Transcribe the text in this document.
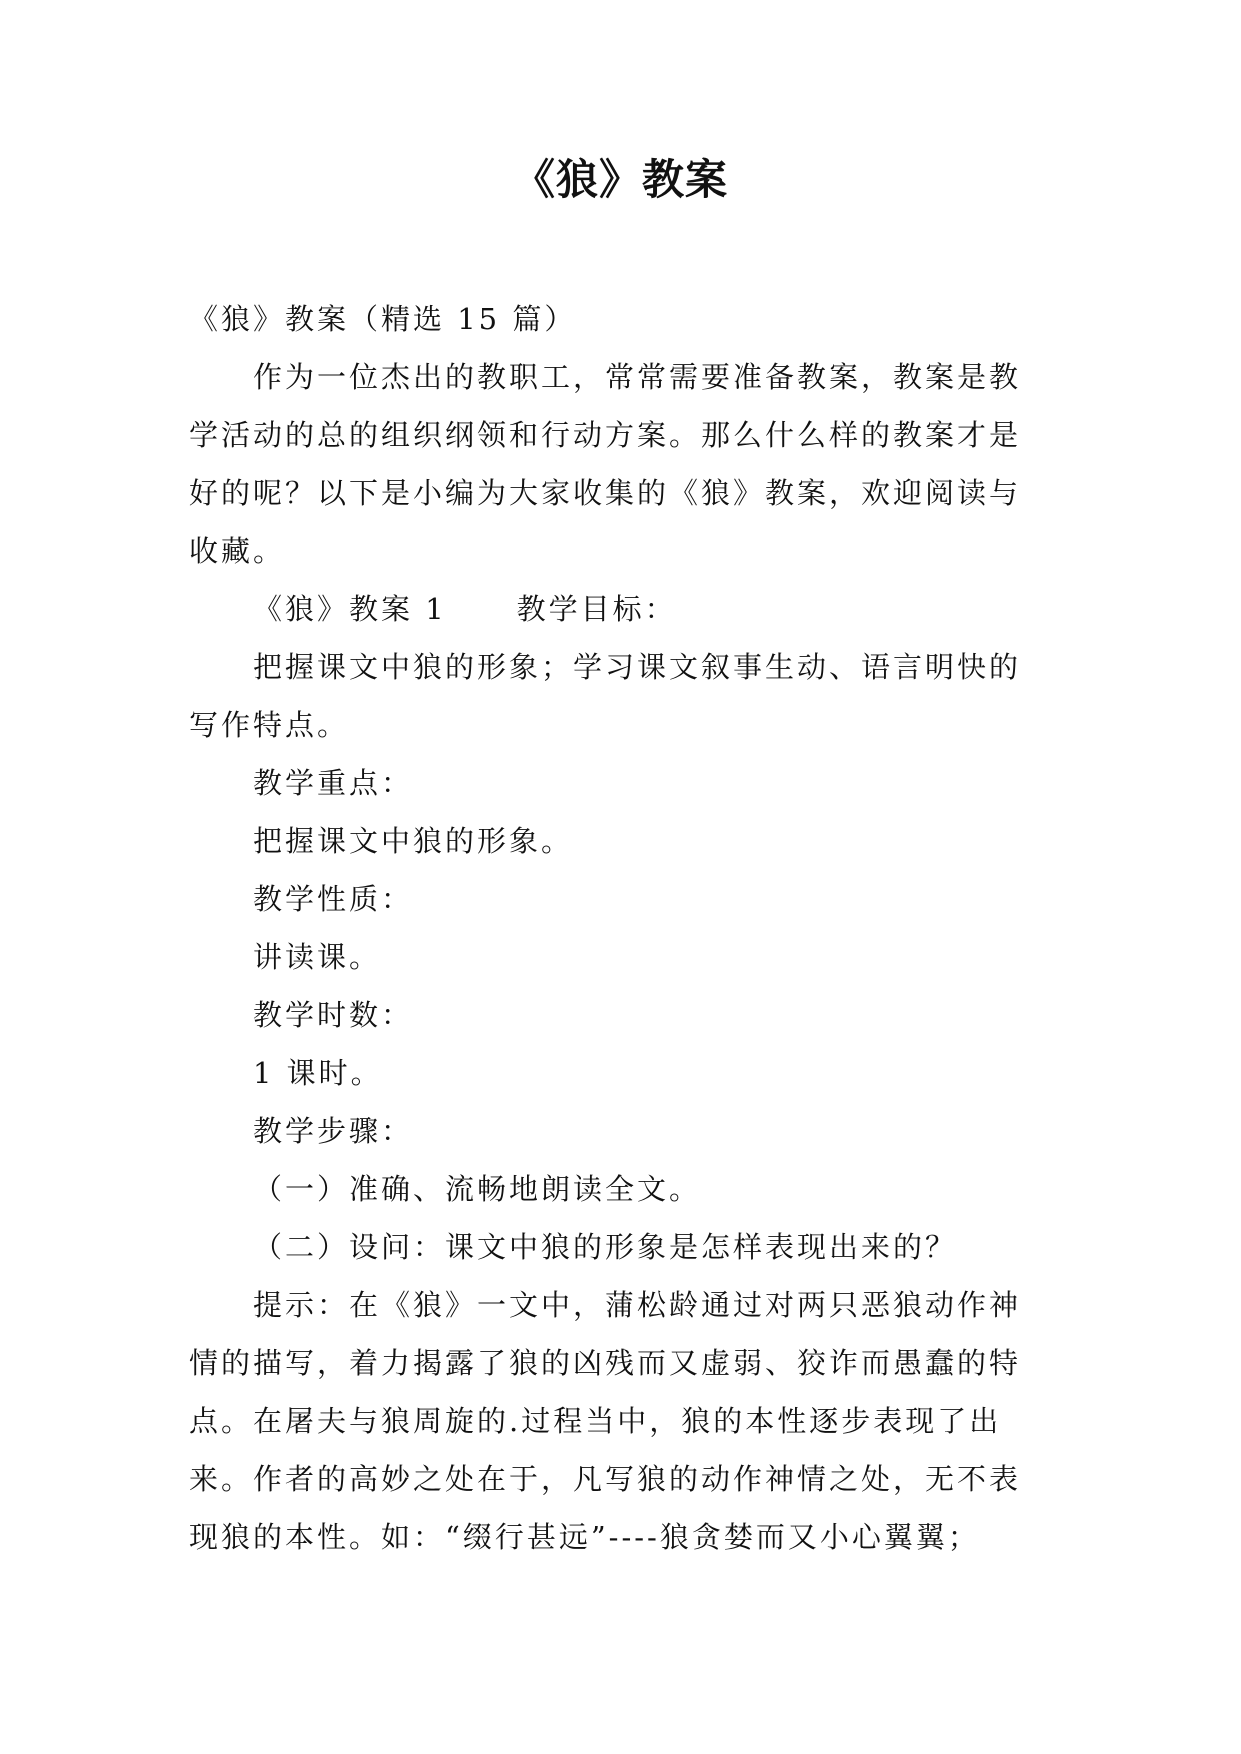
《狼》教案

《狼》教案（精选 15 篇）

作为一位杰出的教职工，常常需要准备教案，教案是教学活动的总的组织纲领和行动方案。那么什么样的教案才是好的呢？以下是小编为大家收集的《狼》教案，欢迎阅读与收藏。

《狼》教案 1 教学目标：

把握课文中狼的形象；学习课文叙事生动、语言明快的写作特点。

教学重点：

把握课文中狼的形象。

教学性质：

讲读课。

教学时数：

1 课时。

教学步骤：

（一）准确、流畅地朗读全文。

（二）设问：课文中狼的形象是怎样表现出来的？

提示：在《狼》一文中，蒲松龄通过对两只恶狼动作神情的描写，着力揭露了狼的凶残而又虚弱、狡诈而愚蠢的特点。在屠夫与狼周旋的.过程当中，狼的本性逐步表现了出来。作者的高妙之处在于，凡写狼的动作神情之处，无不表现狼的本性。如：“缀行甚远”----狼贪婪而又小心翼翼；
